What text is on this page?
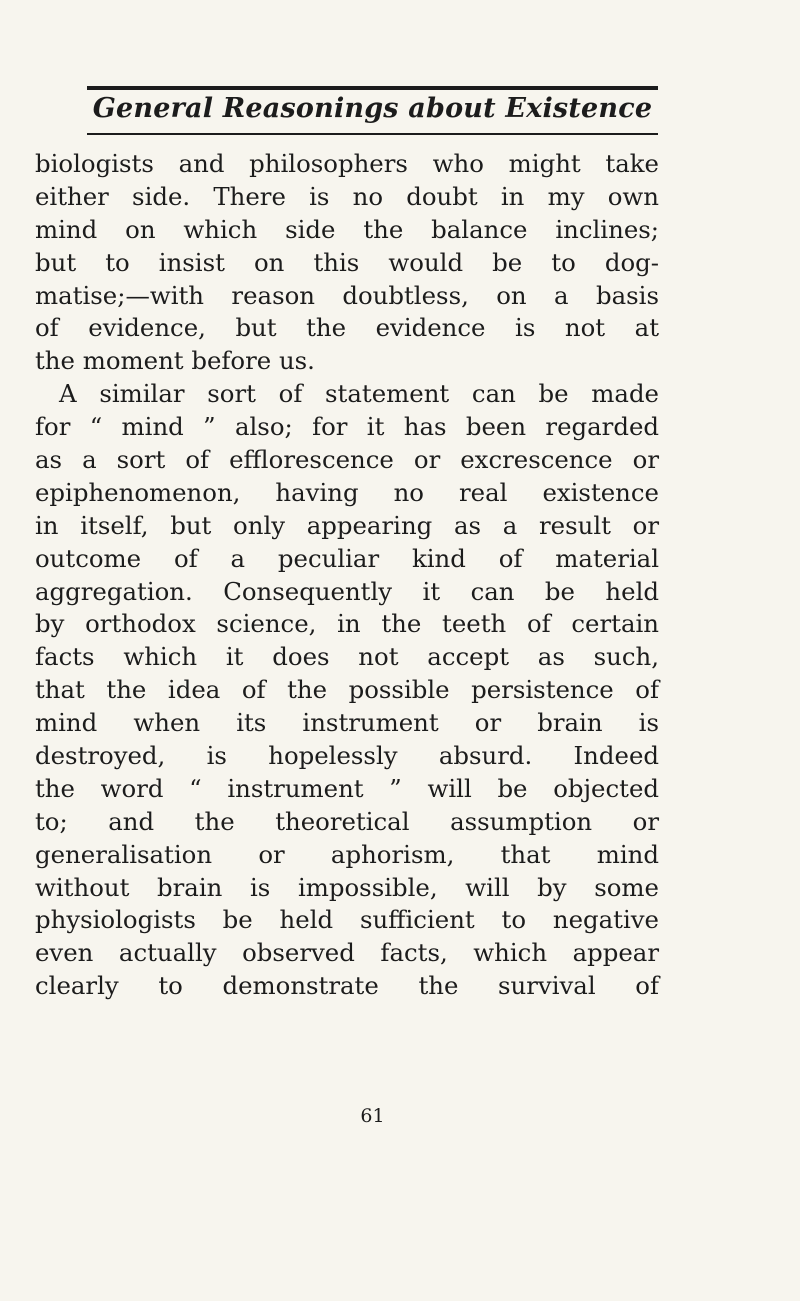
General Reasonings about Existence
biologists and philosophers who might take
either side. There is no doubt in my own
mind on which side the balance inclines;
but to insist on this would be to dog-
matise;—with reason doubtless, on a basis
of evidence, but the evidence is not at
the moment before us.
A similar sort of statement can be made
for “ mind ” also; for it has been regarded
as a sort of efflorescence or excrescence or
epiphenomenon, having no real existence
in itself, but only appearing as a result or
outcome of a peculiar kind of material
aggregation. Consequently it can be held
by orthodox science, in the teeth of certain
facts which it does not accept as such,
that the idea of the possible persistence of
mind when its instrument or brain is
destroyed, is hopelessly absurd. Indeed
the word “ instrument ” will be objected
to; and the theoretical assumption or
generalisation or aphorism, that mind
without brain is impossible, will by some
physiologists be held sufficient to negative
even actually observed facts, which appear
clearly to demonstrate the survival of
61
